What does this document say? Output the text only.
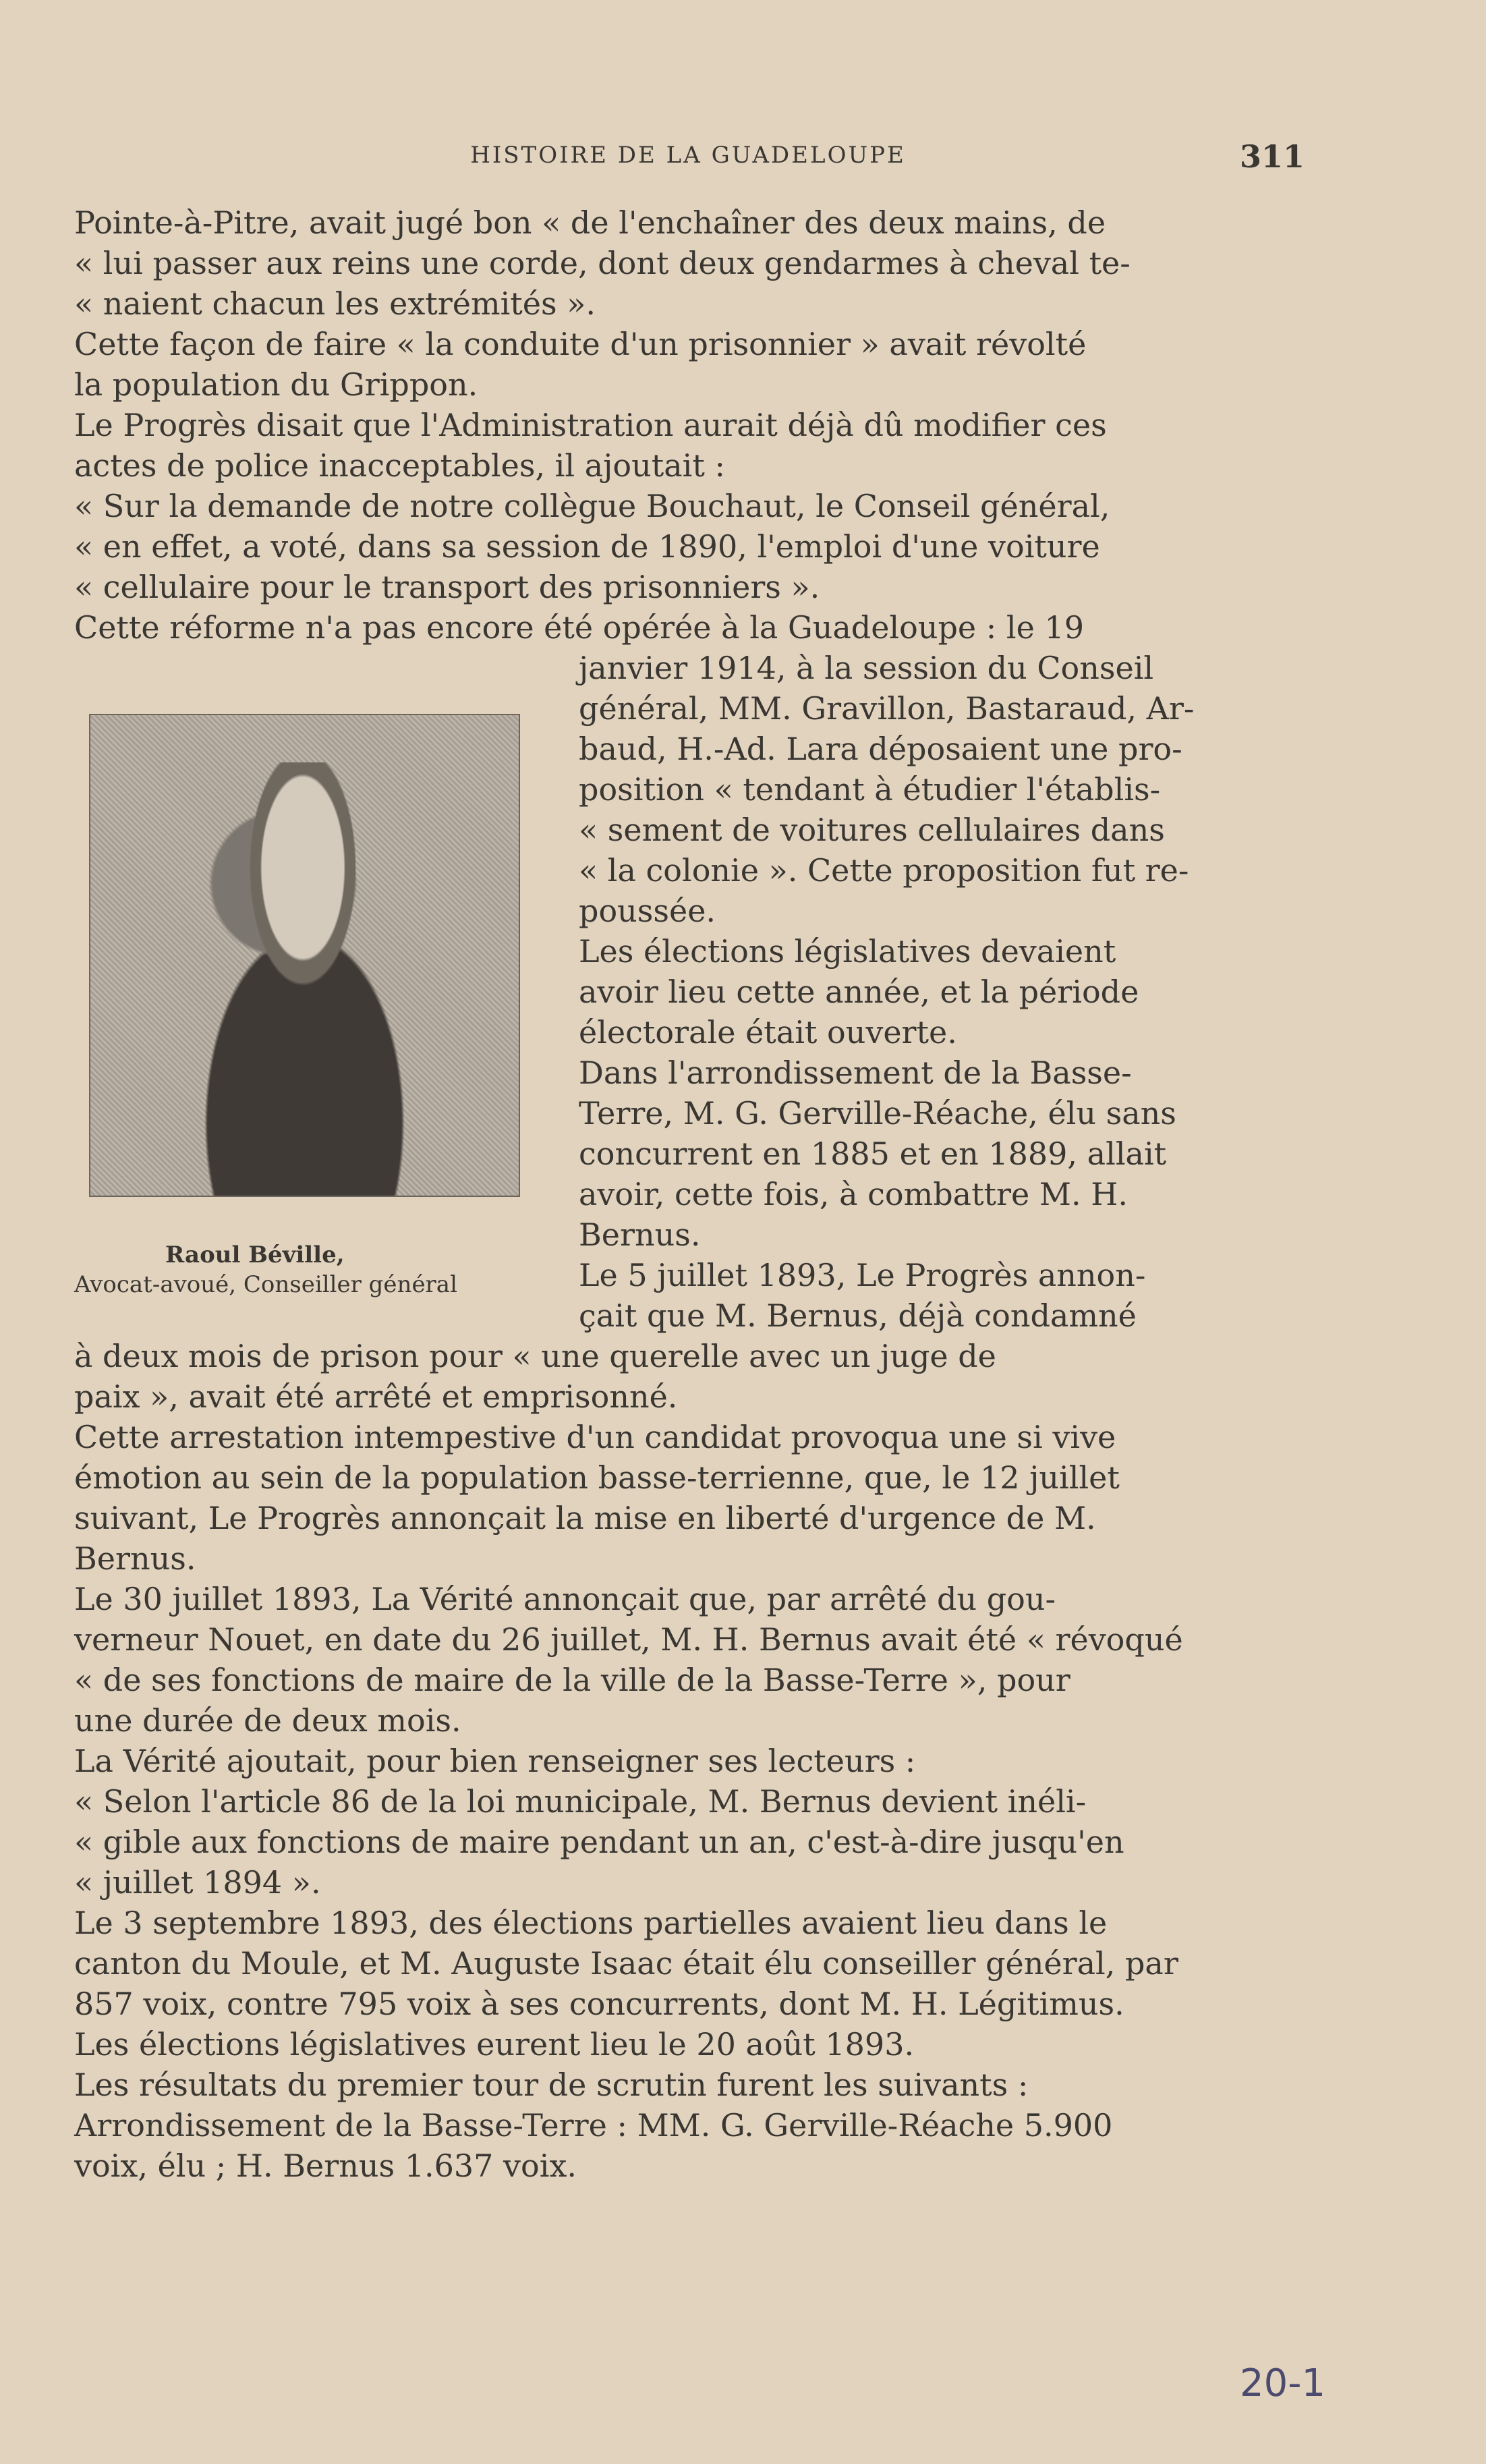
HISTOIRE DE LA GUADELOUPE	311
Pointe-à-Pitre, avait jugé bon « de l'enchaîner des deux mains, de
« lui passer aux reins une corde, dont deux gendarmes à cheval te-
« naient chacun les extrémités ».
Cette façon de faire « la conduite d'un prisonnier » avait révolté
la population du Grippon.
Le Progrès disait que l'Administration aurait déjà dû modifier ces
actes de police inacceptables, il ajoutait :
« Sur la demande de notre collègue Bouchaut, le Conseil général,
« en effet, a voté, dans sa session de 1890, l'emploi d'une voiture
« cellulaire pour le transport des prisonniers ».
Cette réforme n'a pas encore été opérée à la Guadeloupe : le 19
janvier 1914, à la session du Conseil
général, MM. Gravillon, Bastaraud, Ar-
baud, H.-Ad. Lara déposaient une pro-
position « tendant à étudier l'établis-
« sement de voitures cellulaires dans
« la colonie ». Cette proposition fut re-
poussée.
Les élections législatives devaient
avoir lieu cette année, et la période
électorale était ouverte.
Dans l'arrondissement de la Basse-
Terre, M. G. Gerville-Réache, élu sans
concurrent en 1885 et en 1889, allait
avoir, cette fois, à combattre M. H.
Bernus.
Le 5 juillet 1893, Le Progrès annon-
çait que M. Bernus, déjà condamné
Raoul Béville,
Avocat-avoué, Conseiller général
à deux mois de prison pour « une querelle avec un juge de
paix », avait été arrêté et emprisonné.
Cette arrestation intempestive d'un candidat provoqua une si vive
émotion au sein de la population basse-terrienne, que, le 12 juillet
suivant, Le Progrès annonçait la mise en liberté d'urgence de M.
Bernus.
Le 30 juillet 1893, La Vérité annonçait que, par arrêté du gou-
verneur Nouet, en date du 26 juillet, M. H. Bernus avait été « révoqué
« de ses fonctions de maire de la ville de la Basse-Terre », pour
une durée de deux mois.
La Vérité ajoutait, pour bien renseigner ses lecteurs :
« Selon l'article 86 de la loi municipale, M. Bernus devient inéli-
« gible aux fonctions de maire pendant un an, c'est-à-dire jusqu'en
« juillet 1894 ».
Le 3 septembre 1893, des élections partielles avaient lieu dans le
canton du Moule, et M. Auguste Isaac était élu conseiller général, par
857 voix, contre 795 voix à ses concurrents, dont M. H. Légitimus.
Les élections législatives eurent lieu le 20 août 1893.
Les résultats du premier tour de scrutin furent les suivants :
Arrondissement de la Basse-Terre : MM. G. Gerville-Réache 5.900
voix, élu ; H. Bernus 1.637 voix.
20-1
